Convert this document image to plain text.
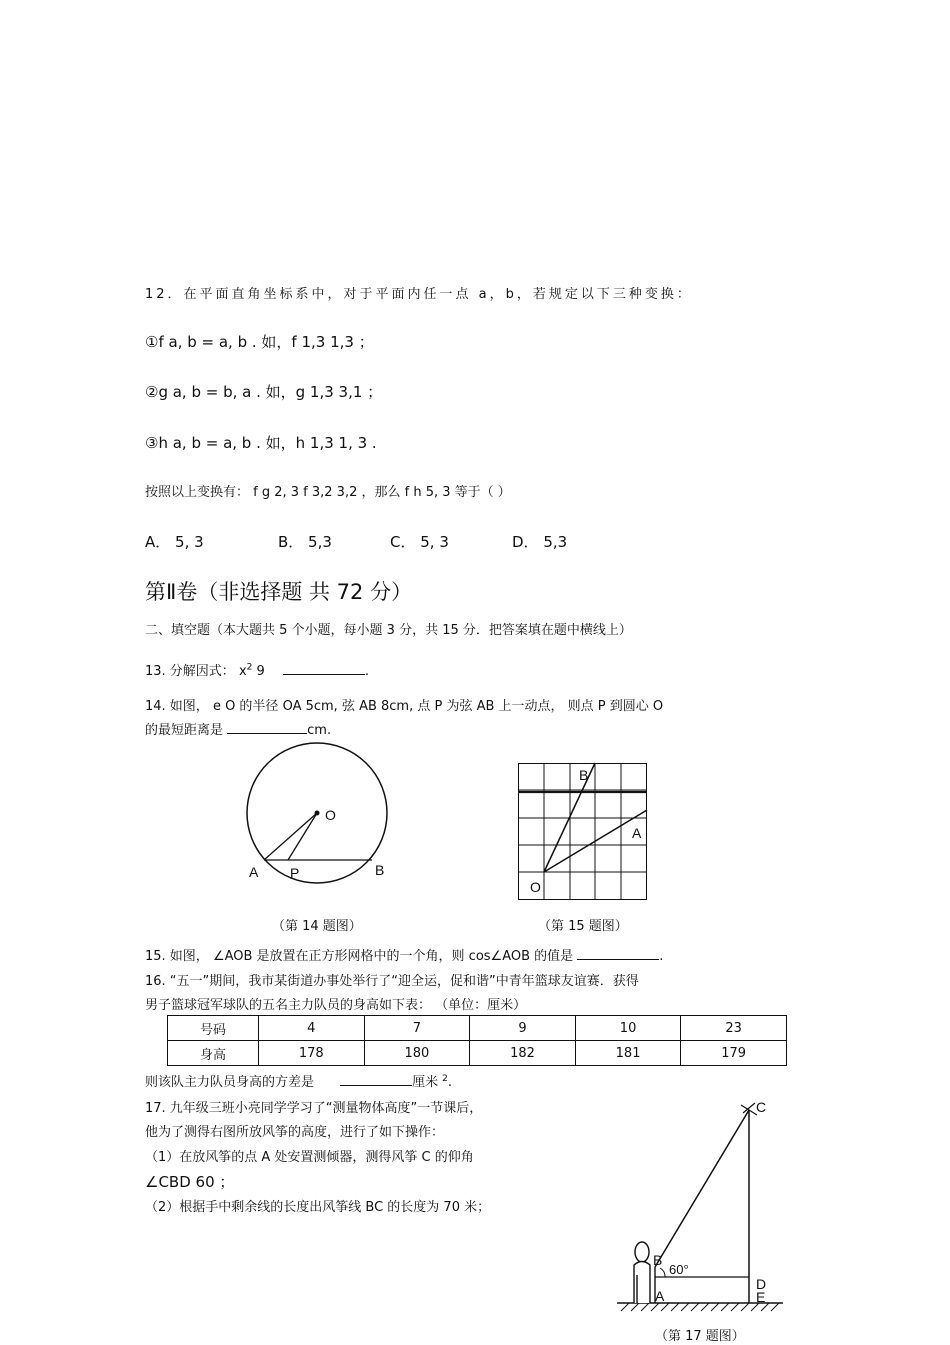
12．在平面直角坐标系中，对于平面内任一点 a，b，若规定以下三种变换：
①f a, b = a, b . 如，f 1,3 1,3 ；
②g a, b = b, a . 如，g 1,3 3,1 ；
③h a, b = a, b . 如，h 1,3 1, 3 .
按照以上变换有： f g 2, 3 f 3,2 3,2 ，那么 f h 5, 3 等于（ ）
A． 5, 3	B． 5,3	C． 5, 3	D． 5,3
第Ⅱ卷（非选择题 共 72 分）
二、填空题（本大题共 5 个小题，每小题 3 分，共 15 分．把答案填在题中横线上）
13. 分解因式： $x^2$ 9	.
14. 如图， e O 的半径 OA 5cm, 弦 AB 8cm, 点 P 为弦 AB 上一动点， 则点 P 到圆心 O
的最短距离是	cm.
O
A P	B
（第 14 题图）
B
A
O
（第 15 题图）
15. 如图， ∠AOB 是放置在正方形网格中的一个角，则 cos∠AOB 的值是	.
16. “五一”期间，我市某街道办事处举行了“迎全运，促和谐”中青年篮球友谊赛．获得
男子篮球冠军球队的五名主力队员的身高如下表： （单位：厘米）
号码	4	7	9	10	23
身高	178	180	182	181	179
则该队主力队员身高的方差是	厘米 $^2$.
17. 九年级三班小亮同学学习了“测量物体高度”一节课后，
他为了测得右图所放风筝的高度，进行了如下操作：
（1）在放风筝的点 A 处安置测倾器，测得风筝 C 的仰角
∠CBD 60 ；
（2）根据手中剩余线的长度出风筝线 BC 的长度为 70 米；
C
B
60°
D
E
A
（第 17 题图）
